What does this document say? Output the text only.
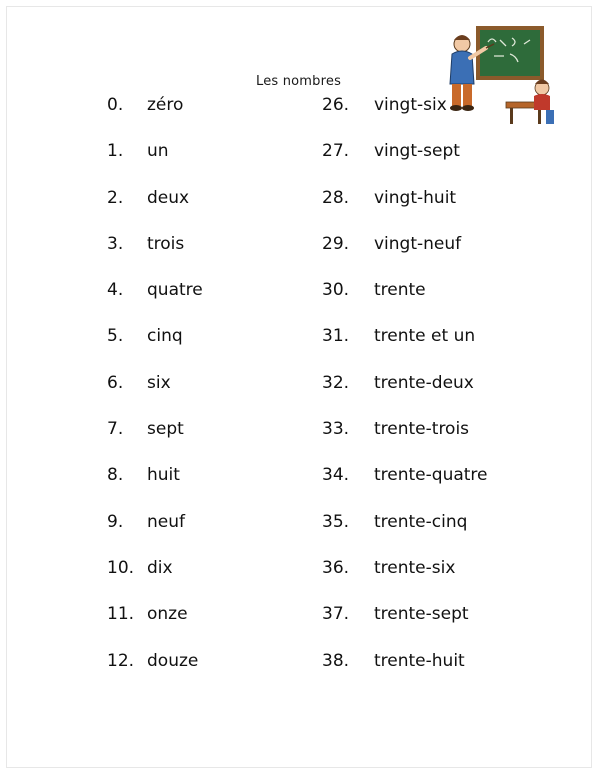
Les nombres
0. zéro
1. un
2. deux
3. trois
4. quatre
5. cinq
6. six
7. sept
8. huit
9. neuf
10. dix
11. onze
12. douze
26. vingt-six
27. vingt-sept
28. vingt-huit
29. vingt-neuf
30. trente
31. trente et un
32. trente-deux
33. trente-trois
34. trente-quatre
35. trente-cinq
36. trente-six
37. trente-sept
38. trente-huit
